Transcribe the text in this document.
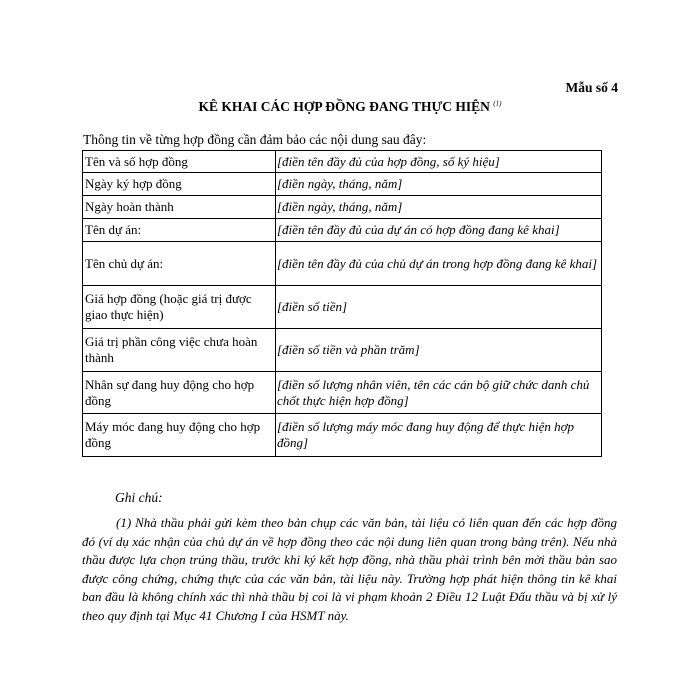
Mẫu số 4
KÊ KHAI CÁC HỢP ĐỒNG ĐANG THỰC HIỆN $^{(1)}$
Thông tin về từng hợp đồng cần đảm bảo các nội dung sau đây:
Tên và số hợp đồng	[điền tên đầy đủ của hợp đồng, số ký hiệu]
Ngày ký hợp đồng	[điền ngày, tháng, năm]
Ngày hoàn thành	[điền ngày, tháng, năm]
Tên dự án:	[điền tên đầy đủ của dự án có hợp đồng đang kê khai]
Tên chủ dự án:	[điền tên đầy đủ của chủ dự án trong hợp đồng đang kê khai]
Giá hợp đồng (hoặc giá trị được giao thực hiện)	[điền số tiền]
Giá trị phần công việc chưa hoàn thành	[điền số tiền và phần trăm]
Nhân sự đang huy động cho hợp đồng	[điền số lượng nhân viên, tên các cán bộ giữ chức danh chủ chốt thực hiện hợp đồng]
Máy móc đang huy động cho hợp đồng	[điền số lượng máy móc đang huy động để thực hiện hợp đồng]
Ghi chú:
(1) Nhà thầu phải gửi kèm theo bản chụp các văn bản, tài liệu có liên quan đến các hợp đồng đó (ví dụ xác nhận của chủ dự án về hợp đồng theo các nội dung liên quan trong bảng trên). Nếu nhà thầu được lựa chọn trúng thầu, trước khi ký kết hợp đồng, nhà thầu phải trình bên mời thầu bản sao được công chứng, chứng thực của các văn bản, tài liệu này. Trường hợp phát hiện thông tin kê khai ban đầu là không chính xác thì nhà thầu bị coi là vi phạm khoản 2 Điều 12 Luật Đấu thầu và bị xử lý theo quy định tại Mục 41 Chương I của HSMT này.
